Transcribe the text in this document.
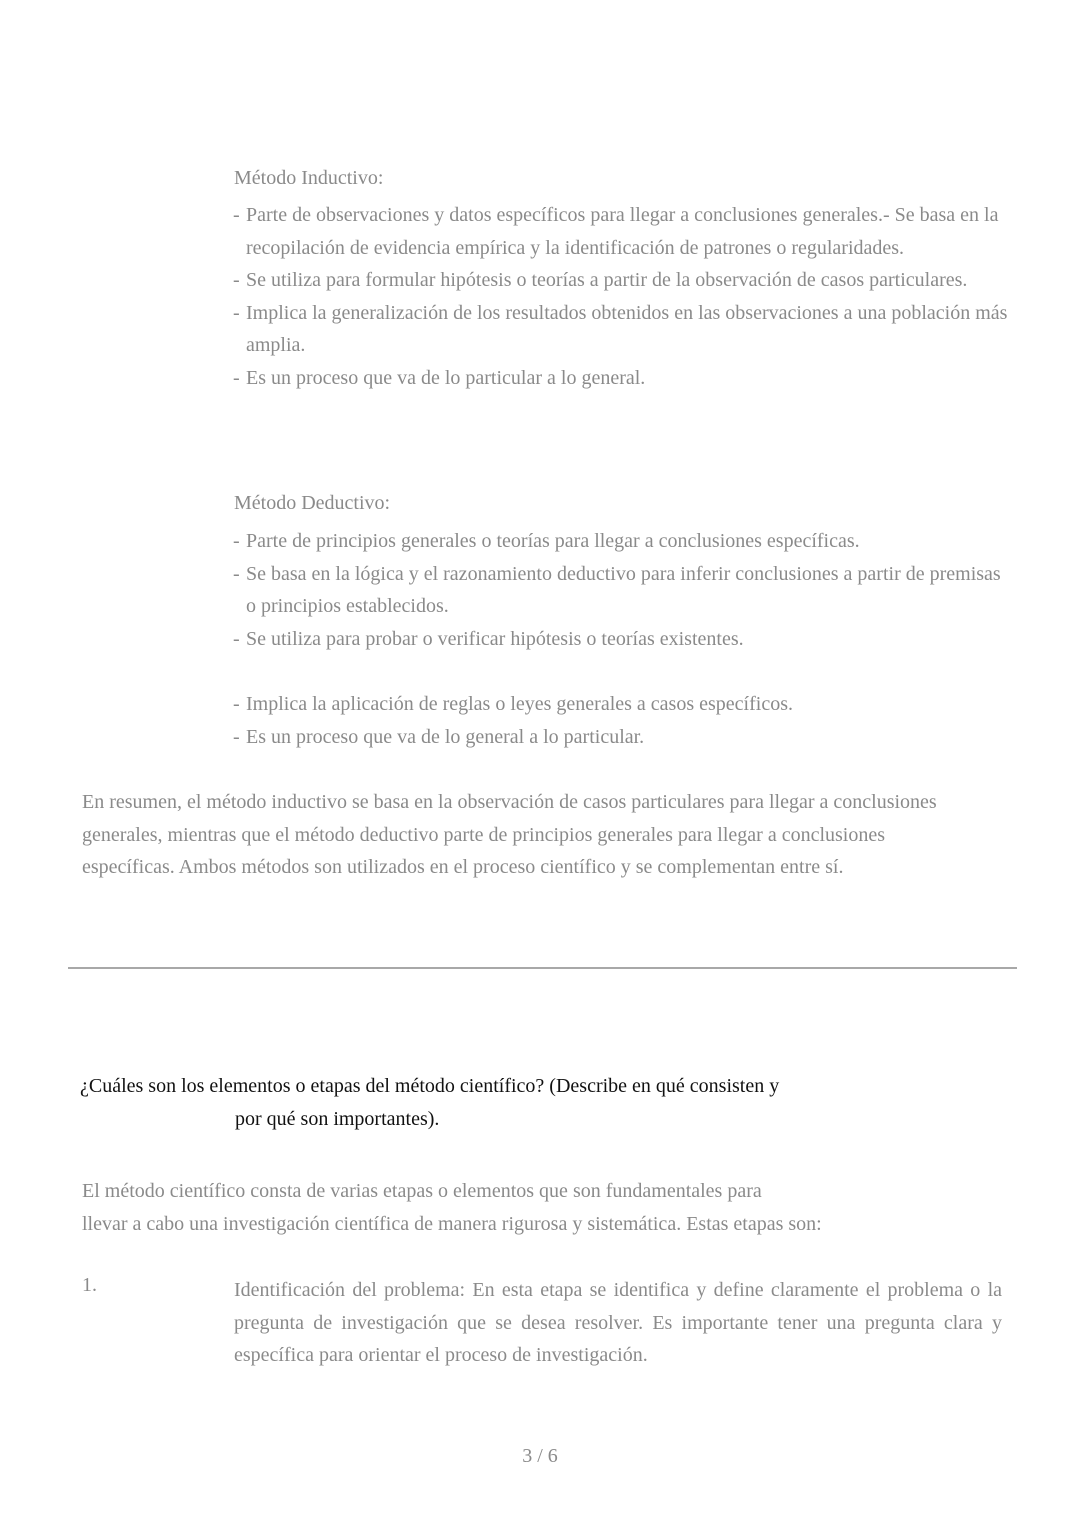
Método Inductivo:
- Parte de observaciones y datos específicos para llegar a conclusiones generales.- Se basa en la recopilación de evidencia empírica y la identificación de patrones o regularidades.
- Se utiliza para formular hipótesis o teorías a partir de la observación de casos particulares.
- Implica la generalización de los resultados obtenidos en las observaciones a una población más amplia.
- Es un proceso que va de lo particular a lo general.
Método Deductivo:
- Parte de principios generales o teorías para llegar a conclusiones específicas.
- Se basa en la lógica y el razonamiento deductivo para inferir conclusiones a partir de premisas o principios establecidos.
- Se utiliza para probar o verificar hipótesis o teorías existentes.
- Implica la aplicación de reglas o leyes generales a casos específicos.
- Es un proceso que va de lo general a lo particular.
En resumen, el método inductivo se basa en la observación de casos particulares para llegar a conclusiones generales, mientras que el método deductivo parte de principios generales para llegar a conclusiones específicas. Ambos métodos son utilizados en el proceso científico y se complementan entre sí.
¿Cuáles son los elementos o etapas del método científico? (Describe en qué consisten y
por qué son importantes).
El método científico consta de varias etapas o elementos que son fundamentales para
llevar a cabo una investigación científica de manera rigurosa y sistemática. Estas etapas son:
1.	Identificación del problema: En esta etapa se identifica y define claramente el problema o la pregunta de investigación que se desea resolver. Es importante tener una pregunta clara y específica para orientar el proceso de investigación.
3 / 6
